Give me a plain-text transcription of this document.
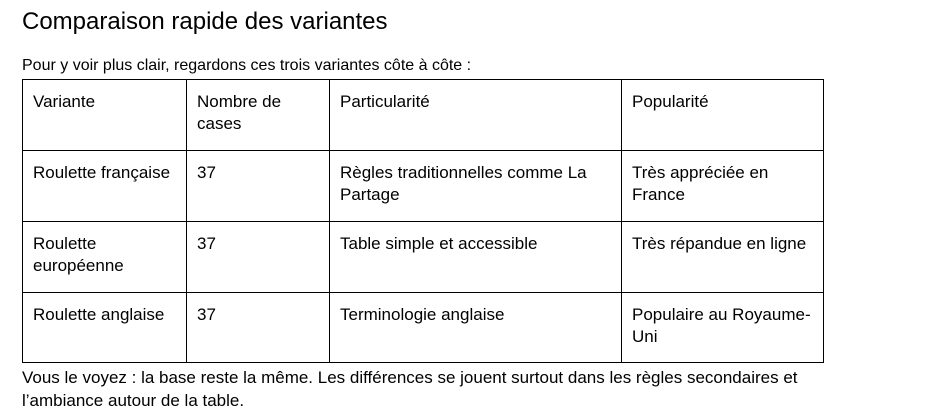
Comparaison rapide des variantes
Pour y voir plus clair, regardons ces trois variantes côte à côte :
Variante	Nombre de cases	Particularité	Popularité
Roulette française	37	Règles traditionnelles comme La Partage	Très appréciée en France
Roulette européenne	37	Table simple et accessible	Très répandue en ligne
Roulette anglaise	37	Terminologie anglaise	Populaire au Royaume-Uni
Vous le voyez : la base reste la même. Les différences se jouent surtout dans les règles secondaires et l’ambiance autour de la table.
